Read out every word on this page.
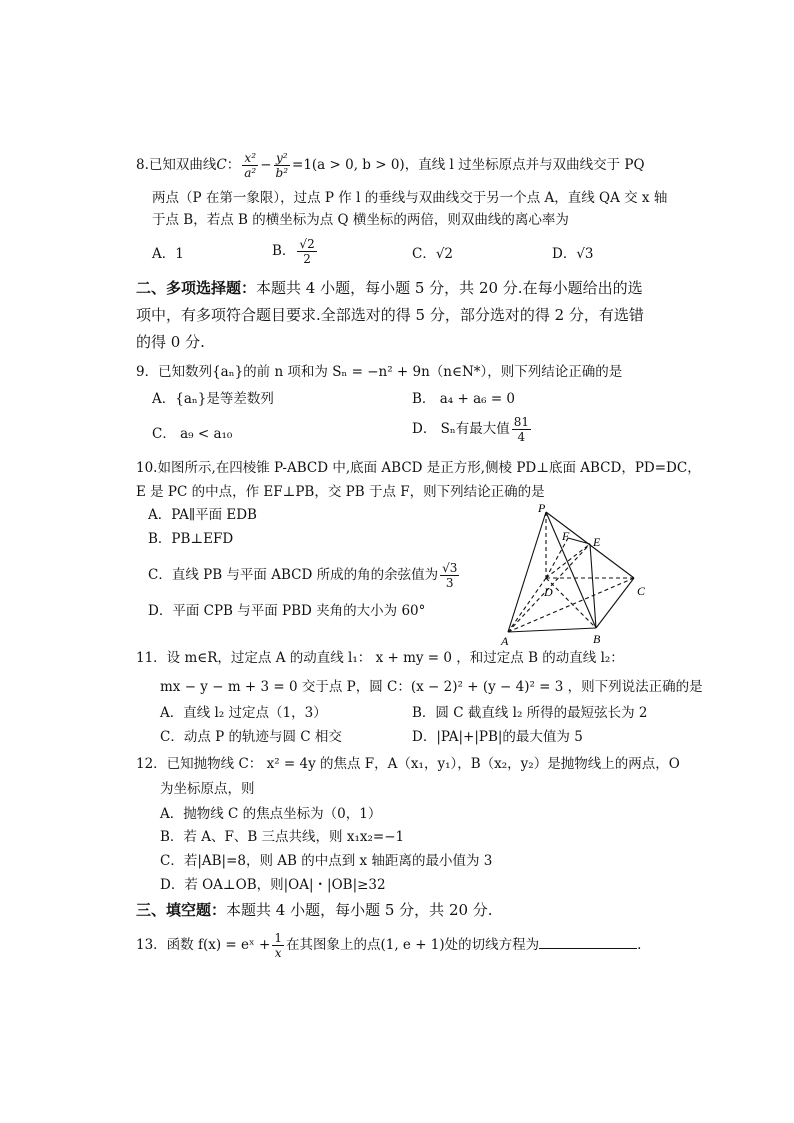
8.已知双曲线C： $\frac{\text{x²}}{\text{a²}} - \frac{\text{y²}}{\text{b²}} =1(a > 0$, b > 0)，直线 l 过坐标原点并与双曲线交于 PQ
两点（P 在第一象限），过点 P 作 l 的垂线与双曲线交于另一个点 A，直线 QA 交 x 轴
于点 B，若点 B 的横坐标为点 Q 横坐标的两倍，则双曲线的离心率为
A．1	B． $\frac{√2}{2}$	C．√2	D．√3
二、多项选择题：本题共 4 小题，每小题 5 分，共 20 分.在每小题给出的选
项中，有多项符合题目要求.全部选对的得 5 分，部分选对的得 2 分，有选错
的得 0 分.
9．已知数列{aₙ}的前 n 项和为 Sₙ = −n² + 9n（n∈N*），则下列结论正确的是
A．{aₙ}是等差数列	B． a₄ + a₆ = 0
C． a₉ < a₁₀	D． Sₙ有最大值 $\frac{81}{4}$
10.如图所示,在四棱锥 P-ABCD 中,底面 ABCD 是正方形,侧棱 PD⊥底面 ABCD，PD=DC，
E 是 PC 的中点，作 EF⊥PB，交 PB 于点 F，则下列结论正确的是
A．PA∥平面 EDB
B．PB⊥EFD
C．直线 PB 与平面 ABCD 所成的角的余弦值为 $\frac{√3}{3}$
D．平面 CPB 与平面 PBD 夹角的大小为 60°
P
F E
D	C
A	B
11．设 m∈R，过定点 A 的动直线 l₁： x + my = 0 ，和过定点 B 的动直线 l₂：
mx − y − m + 3 = 0 交于点 P，圆 C：(x − 2)² + (y − 4)² = 3 ，则下列说法正确的是
A．直线 l₂ 过定点（1，3）	B．圆 C 截直线 l₂ 所得的最短弦长为 2
C．动点 P 的轨迹与圆 C 相交	D．|PA|+|PB|的最大值为 5
12．已知抛物线 C： x² = 4y 的焦点 F，A（x₁，y₁），B（x₂，y₂）是抛物线上的两点，O
为坐标原点，则
A．抛物线 C 的焦点坐标为（0，1）
B．若 A、F、B 三点共线，则 x₁x₂=−1
C．若|AB|=8，则 AB 的中点到 x 轴距离的最小值为 3
D．若 OA⊥OB，则|OA|・|OB|≥32
三、填空题：本题共 4 小题，每小题 5 分，共 20 分.
13．函数 f(x) = eˣ + $\frac{1}{x}$ 在其图象上的点(1, e + 1)处的切线方程为	.
